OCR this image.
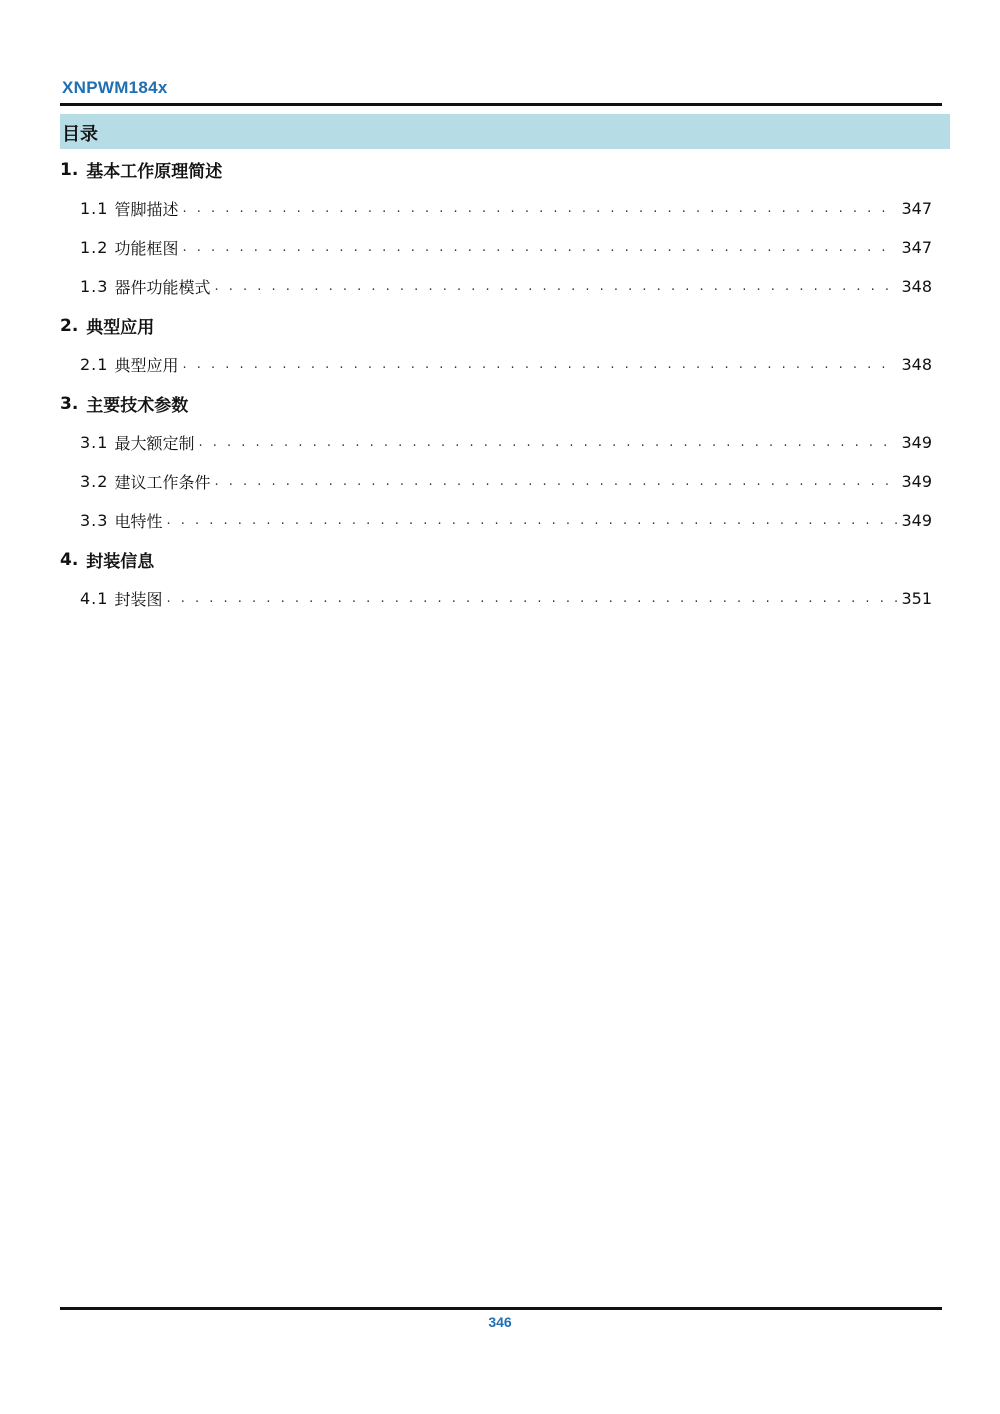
XNPWM184x
目录
1. 基本工作原理简述
1.1 管脚描述 . . .	347
1.2 功能框图 . . .	347
1.3 器件功能模式 . . .	348
2. 典型应用
2.1 典型应用 . . .	348
3. 主要技术参数
3.1 最大额定制 . . .	349
3.2 建议工作条件 . . .	349
3.3 电特性 . . .	349
4. 封装信息
4.1 封装图 . . .	351
346
